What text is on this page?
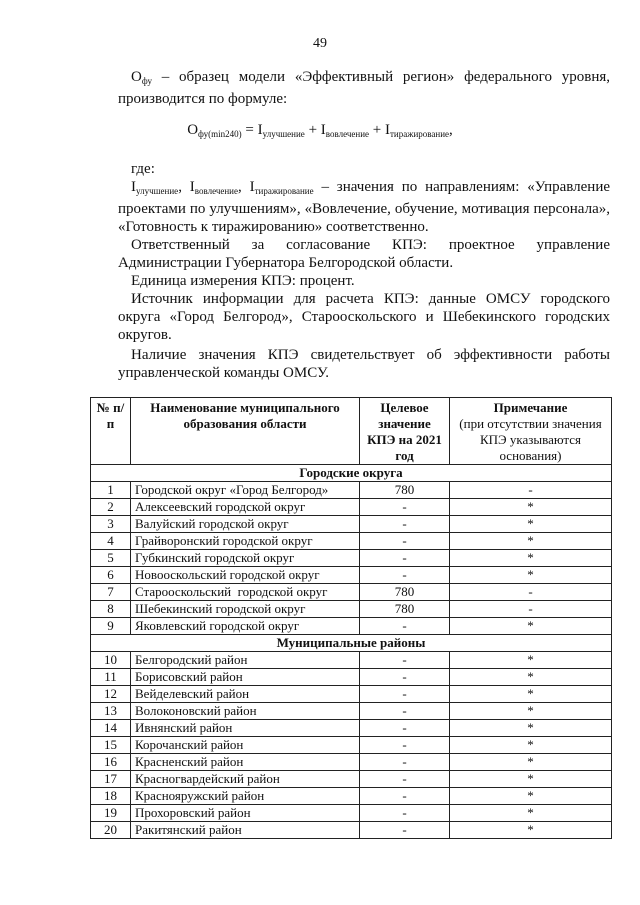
49
$О_{фу}$ – образец модели «Эффективный регион» федерального уровня, производится по формуле:
$О_{фу(min240)} = I_{улучшение} + I_{вовлечение} + I_{тиражирование}$,
где:
$I_{улучшение}$, $I_{вовлечение}$, $I_{тиражирование}$ – значения по направлениям: «Управление проектами по улучшениям», «Вовлечение, обучение, мотивация персонала», «Готовность к тиражированию» соответственно.
Ответственный за согласование КПЭ: проектное управление Администрации Губернатора Белгородской области.
Единица измерения КПЭ: процент.
Источник информации для расчета КПЭ: данные ОМСУ городского округа «Город Белгород», Старооскольского и Шебекинского городских округов.
Наличие значения КПЭ свидетельствует об эффективности работы управленческой команды ОМСУ.
№ п/п	Наименование муниципального образования области	Целевое значение КПЭ на 2021 год	Примечание
(при отсутствии значения КПЭ указываются основания)

Городские округа			
1	Городской округ «Город Белгород»	780	-
2	Алексеевский городской округ	-	*
3	Валуйский городской округ	-	*
4	Грайворонский городской округ	-	*
5	Губкинский городской округ	-	*
6	Новооскольский городской округ	-	*
7	Старооскольский  городской округ	780	-
8	Шебекинский городской округ	780	-
9	Яковлевский городской округ	-	*
Муниципальные районы			
10	Белгородский район	-	*
11	Борисовский район	-	*
12	Вейделевский район	-	*
13	Волоконовский район	-	*
14	Ивнянский район	-	*
15	Корочанский район	-	*
16	Красненский район	-	*
17	Красногвардейский район	-	*
18	Краснояружский район	-	*
19	Прохоровский район	-	*
20	Ракитянский район	-	*
